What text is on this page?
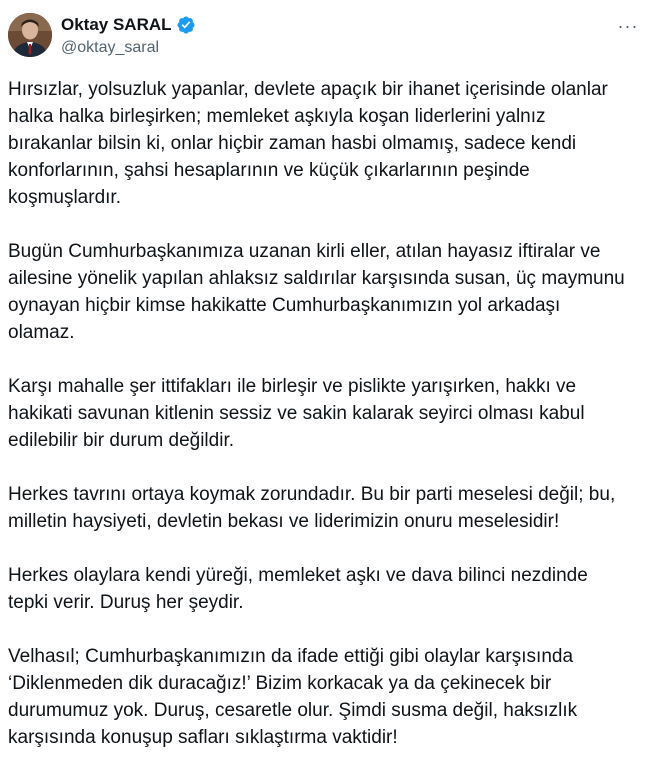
Oktay SARAL
@oktay_saral
···

Hırsızlar, yolsuzluk yapanlar, devlete apaçık bir ihanet içerisinde olanlar
halka halka birleşirken; memleket aşkıyla koşan liderlerini yalnız
bırakanlar bilsin ki, onlar hiçbir zaman hasbi olmamış, sadece kendi
konforlarının, şahsi hesaplarının ve küçük çıkarlarının peşinde
koşmuşlardır.

Bugün Cumhurbaşkanımıza uzanan kirli eller, atılan hayasız iftiralar ve
ailesine yönelik yapılan ahlaksız saldırılar karşısında susan, üç maymunu
oynayan hiçbir kimse hakikatte Cumhurbaşkanımızın yol arkadaşı
olamaz.

Karşı mahalle şer ittifakları ile birleşir ve pislikte yarışırken, hakkı ve
hakikati savunan kitlenin sessiz ve sakin kalarak seyirci olması kabul
edilebilir bir durum değildir.

Herkes tavrını ortaya koymak zorundadır. Bu bir parti meselesi değil; bu,
milletin haysiyeti, devletin bekası ve liderimizin onuru meselesidir!

Herkes olaylara kendi yüreği, memleket aşkı ve dava bilinci nezdinde
tepki verir. Duruş her şeydir.

Velhasıl; Cumhurbaşkanımızın da ifade ettiği gibi olaylar karşısında
‘Diklenmeden dik duracağız!’ Bizim korkacak ya da çekinecek bir
durumumuz yok. Duruş, cesaretle olur. Şimdi susma değil, haksızlık
karşısında konuşup safları sıklaştırma vaktidir!
